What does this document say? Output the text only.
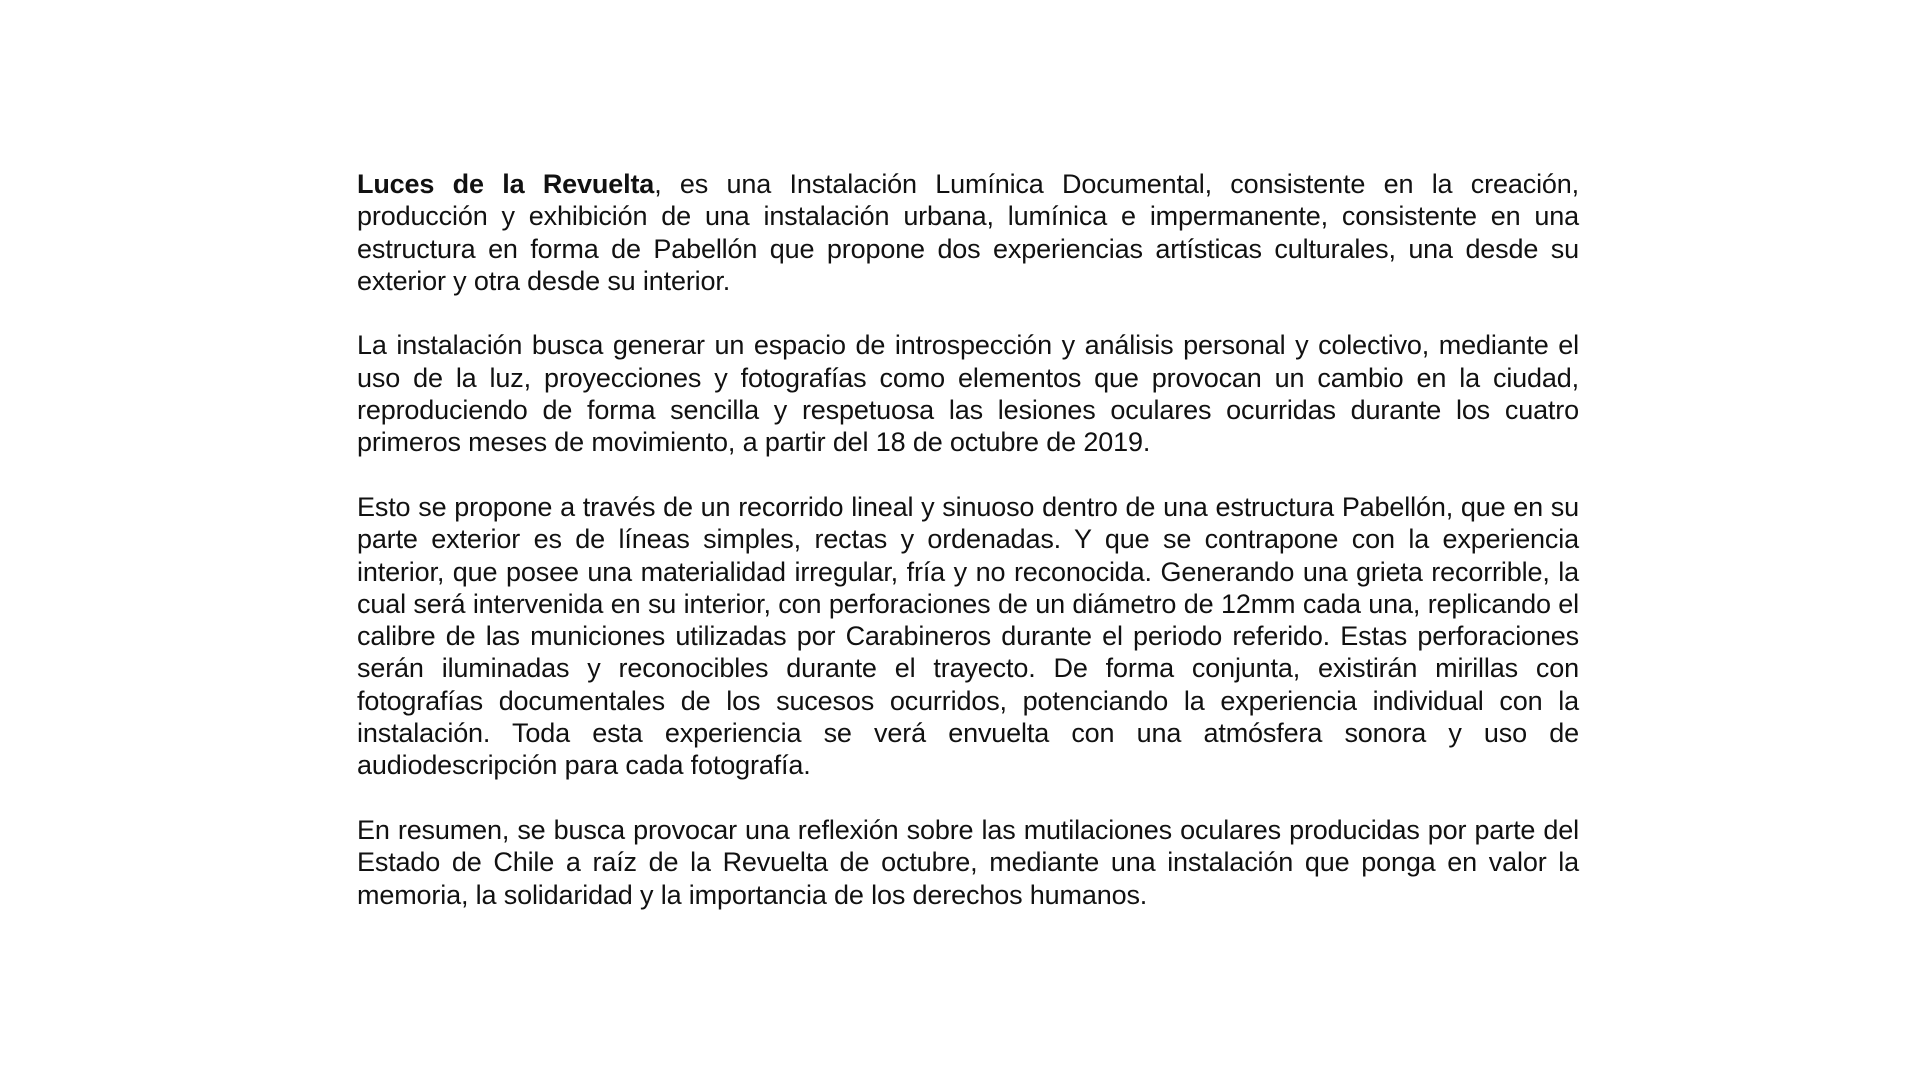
Luces de la Revuelta, es una Instalación Lumínica Documental, consistente en la creación, producción y exhibición de una instalación urbana, lumínica e impermanente, consistente en una estructura en forma de Pabellón que propone dos experiencias artísticas culturales, una desde su exterior y otra desde su interior.

La instalación busca generar un espacio de introspección y análisis personal y colectivo, mediante el uso de la luz, proyecciones y fotografías como elementos que provocan un cambio en la ciudad, reproduciendo de forma sencilla y respetuosa las lesiones oculares ocurridas durante los cuatro primeros meses de movimiento, a partir del 18 de octubre de 2019.

Esto se propone a través de un recorrido lineal y sinuoso dentro de una estructura Pabellón, que en su parte exterior es de líneas simples, rectas y ordenadas. Y que se contrapone con la experiencia interior, que posee una materialidad irregular, fría y no reconocida. Generando una grieta recorrible, la cual será intervenida en su interior, con perforaciones de un diámetro de 12mm cada una, replicando el calibre de las municiones utilizadas por Carabineros durante el periodo referido. Estas perforaciones serán iluminadas y reconocibles durante el trayecto. De forma conjunta, existirán mirillas con fotografías documentales de los sucesos ocurridos, potenciando la experiencia individual con la instalación. Toda esta experiencia se verá envuelta con una atmósfera sonora y uso de audiodescripción para cada fotografía.

En resumen, se busca provocar una reflexión sobre las mutilaciones oculares producidas por parte del Estado de Chile a raíz de la Revuelta de octubre, mediante una instalación que ponga en valor la memoria, la solidaridad y la importancia de los derechos humanos.
